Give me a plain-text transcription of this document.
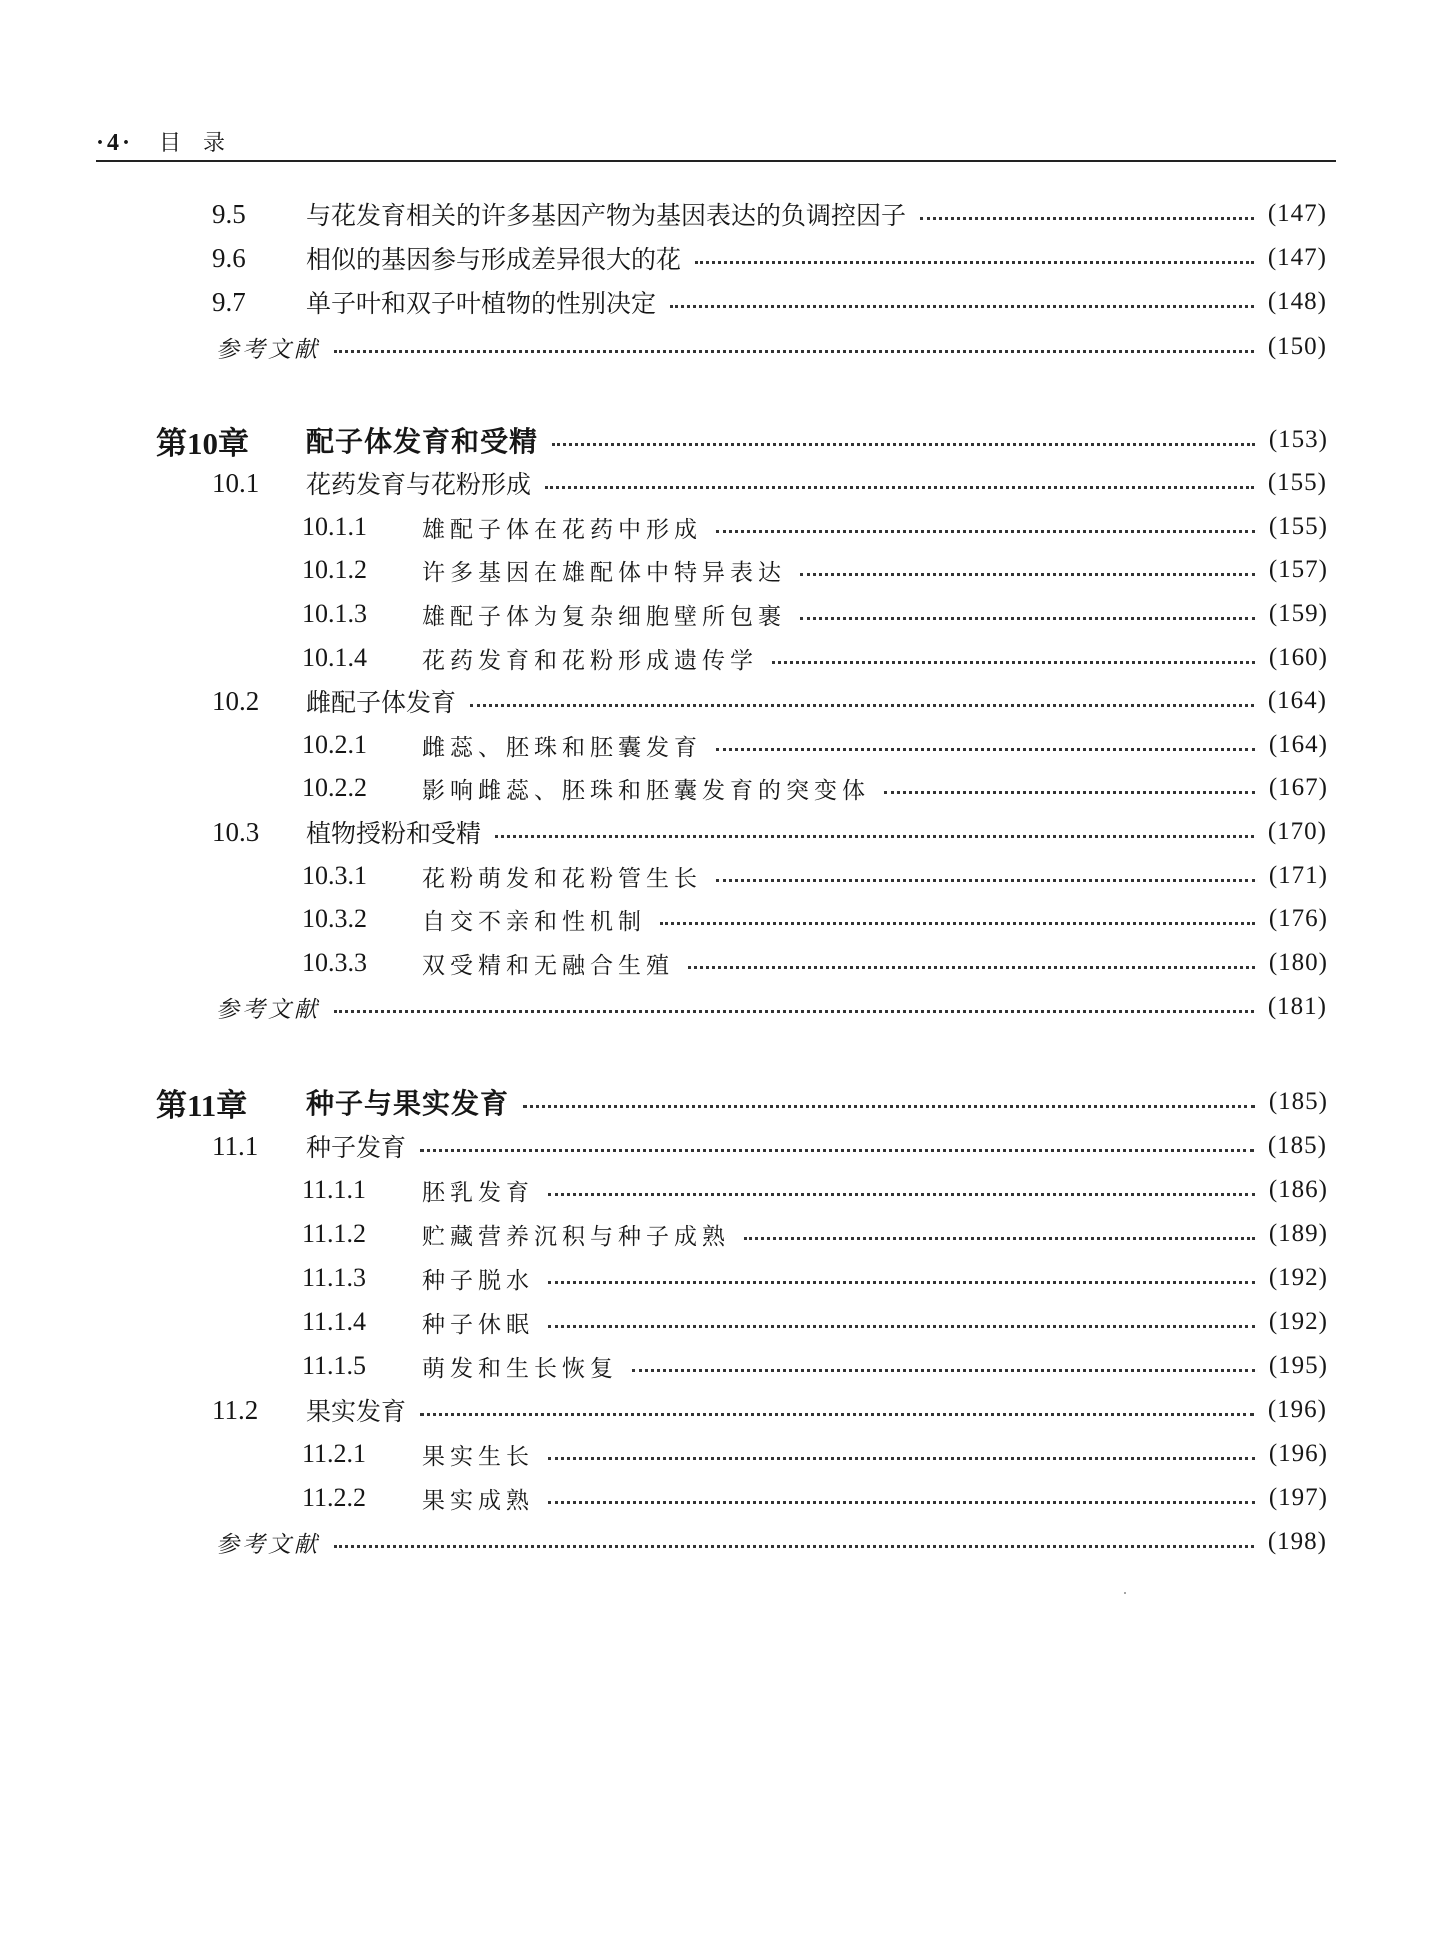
·4· 目录
9.5	与花发育相关的许多基因产物为基因表达的负调控因子	(147)
9.6	相似的基因参与形成差异很大的花	(147)
9.7	单子叶和双子叶植物的性别决定	(148)
参考文献	(150)
第10章	配子体发育和受精	(153)
10.1	花药发育与花粉形成	(155)
10.1.1	雄配子体在花药中形成	(155)
10.1.2	许多基因在雄配体中特异表达	(157)
10.1.3	雄配子体为复杂细胞壁所包裹	(159)
10.1.4	花药发育和花粉形成遗传学	(160)
10.2	雌配子体发育	(164)
10.2.1	雌蕊、胚珠和胚囊发育	(164)
10.2.2	影响雌蕊、胚珠和胚囊发育的突变体	(167)
10.3	植物授粉和受精	(170)
10.3.1	花粉萌发和花粉管生长	(171)
10.3.2	自交不亲和性机制	(176)
10.3.3	双受精和无融合生殖	(180)
参考文献	(181)
第11章	种子与果实发育	(185)
11.1	种子发育	(185)
11.1.1	胚乳发育	(186)
11.1.2	贮藏营养沉积与种子成熟	(189)
11.1.3	种子脱水	(192)
11.1.4	种子休眠	(192)
11.1.5	萌发和生长恢复	(195)
11.2	果实发育	(196)
11.2.1	果实生长	(196)
11.2.2	果实成熟	(197)
参考文献	(198)
